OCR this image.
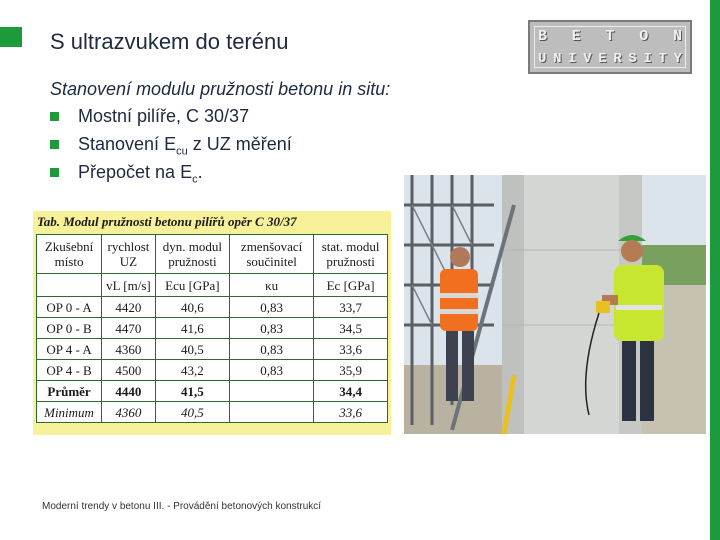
S ultrazvukem do terénu	B E T O N
U N I V E R S I T Y
Stanovení modulu pružnosti betonu in situ:
Mostní pilíře, C 30/37
Stanovení $E_{cu}$ z UZ měření
Přepočet na $E_c$.
Tab. Modul pružnosti betonu pilířů opěr C 30/37
Zkušební místo	rychlost UZ	dyn. modul pružnosti	zmenšovací součinitel	stat. modul pružnosti
	vL [m/s]	Ecu [GPa]	κu	Ec [GPa]
OP 0 - A	4420	40,6	0,83	33,7
OP 0 - B	4470	41,6	0,83	34,5
OP 4 - A	4360	40,5	0,83	33,6
OP 4 - B	4500	43,2	0,83	35,9
Průměr	4440	41,5		34,4
Minimum	4360	40,5		33,6
Moderní trendy v betonu III. - Provádění betonových konstrukcí
